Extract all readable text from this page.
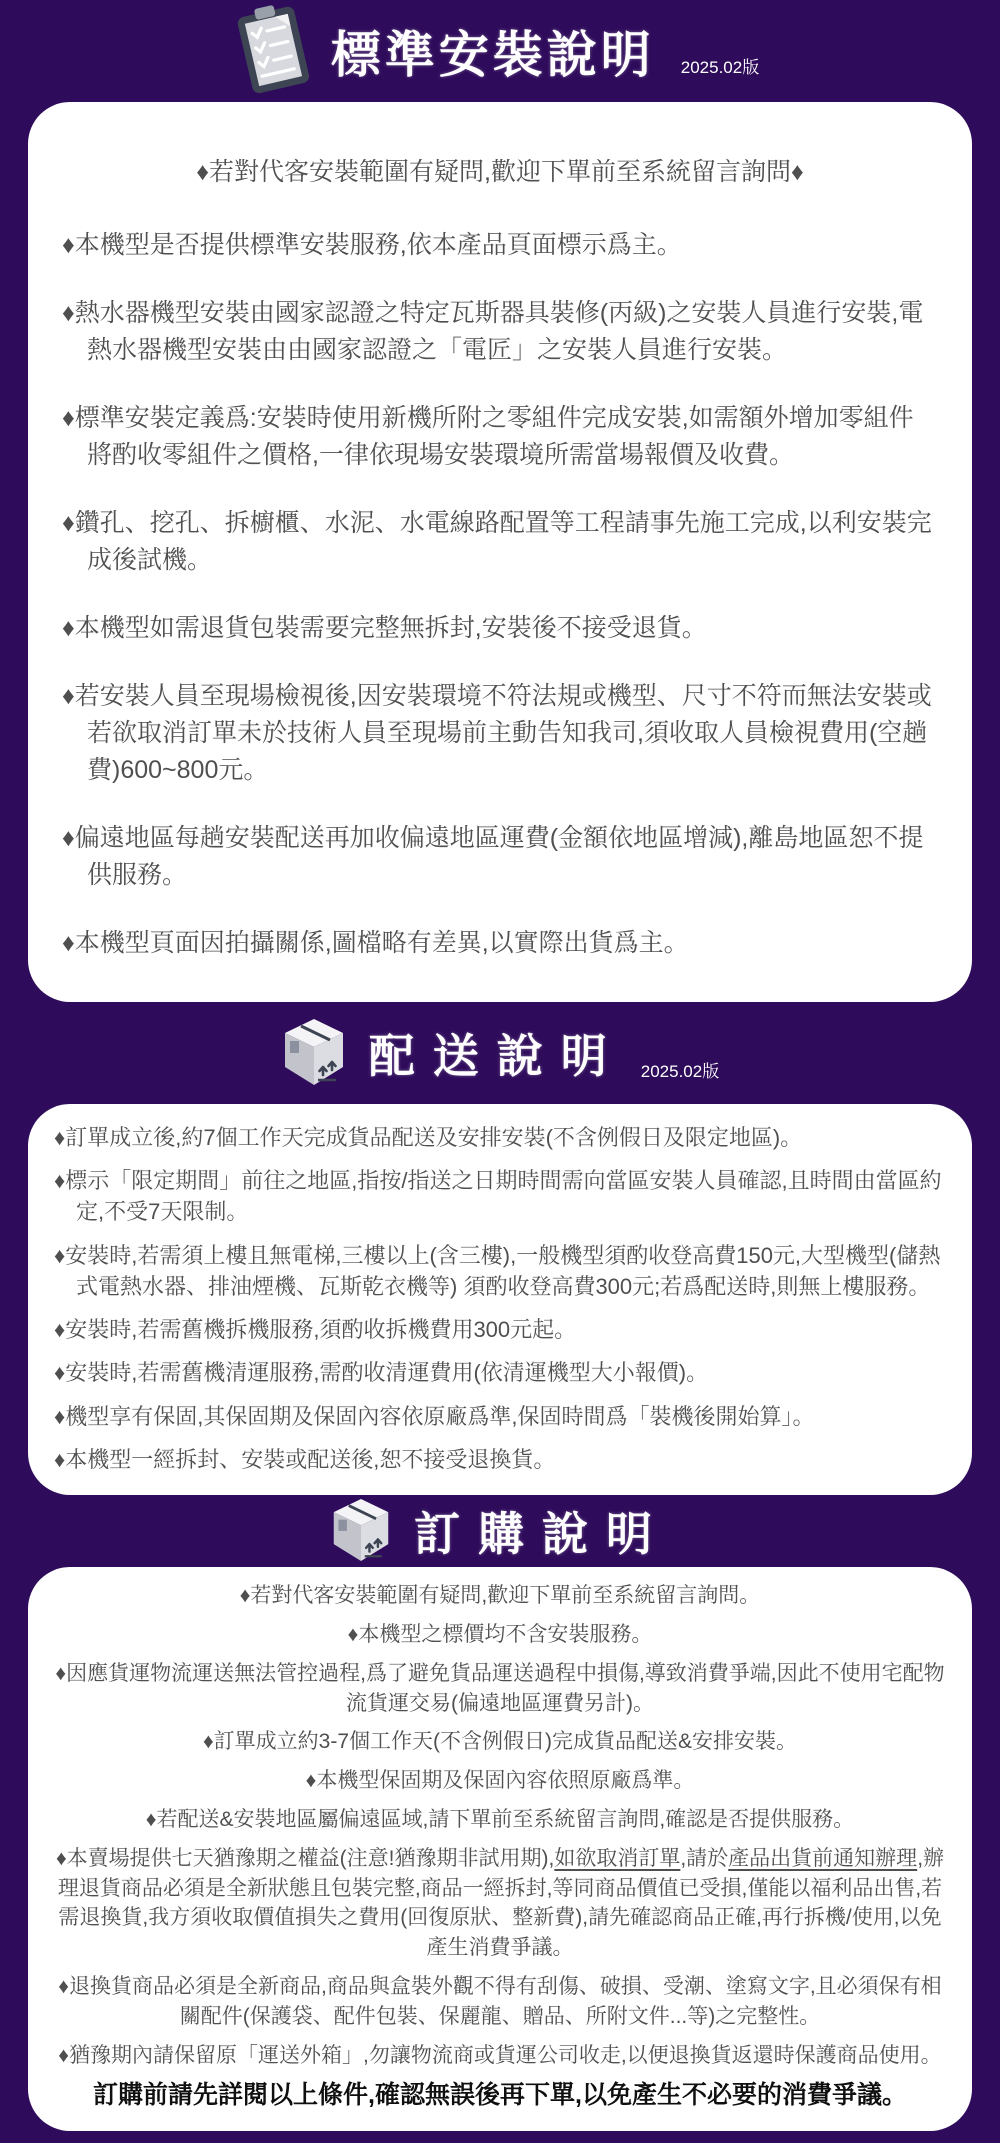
標準安裝說明 2025.02版
♦若對代客安裝範圍有疑問,歡迎下單前至系統留言詢問♦
♦本機型是否提供標準安裝服務,依本產品頁面標示爲主。
♦熱水器機型安裝由國家認證之特定瓦斯器具裝修(丙級)之安裝人員進行安裝,電熱水器機型安裝由由國家認證之「電匠」之安裝人員進行安裝。
♦標準安裝定義爲:安裝時使用新機所附之零組件完成安裝,如需額外增加零組件將酌收零組件之價格,一律依現場安裝環境所需當場報價及收費。
♦鑽孔、挖孔、拆櫥櫃、水泥、水電線路配置等工程請事先施工完成,以利安裝完成後試機。
♦本機型如需退貨包裝需要完整無拆封,安裝後不接受退貨。
♦若安裝人員至現場檢視後,因安裝環境不符法規或機型、尺寸不符而無法安裝或若欲取消訂單未於技術人員至現場前主動告知我司,須收取人員檢視費用(空趟費)600~800元。
♦偏遠地區每趟安裝配送再加收偏遠地區運費(金額依地區增減),離島地區恕不提供服務。
♦本機型頁面因拍攝關係,圖檔略有差異,以實際出貨爲主。
配送說明 2025.02版
♦訂單成立後,約7個工作天完成貨品配送及安排安裝(不含例假日及限定地區)。
♦標示「限定期間」前往之地區,指按/指送之日期時間需向當區安裝人員確認,且時間由當區約定,不受7天限制。
♦安裝時,若需須上樓且無電梯,三樓以上(含三樓),一般機型須酌收登高費150元,大型機型(儲熱式電熱水器、排油煙機、瓦斯乾衣機等) 須酌收登高費300元;若爲配送時,則無上樓服務。
♦安裝時,若需舊機拆機服務,須酌收拆機費用300元起。
♦安裝時,若需舊機清運服務,需酌收清運費用(依清運機型大小報價)。
♦機型享有保固,其保固期及保固內容依原廠爲準,保固時間爲「裝機後開始算」。
♦本機型一經拆封、安裝或配送後,恕不接受退換貨。
訂購說明
♦若對代客安裝範圍有疑問,歡迎下單前至系統留言詢問。
♦本機型之標價均不含安裝服務。
♦因應貨運物流運送無法管控過程,爲了避免貨品運送過程中損傷,導致消費爭端,因此不使用宅配物流貨運交易(偏遠地區運費另計)。
♦訂單成立約3-7個工作天(不含例假日)完成貨品配送&安排安裝。
♦本機型保固期及保固內容依照原廠爲準。
♦若配送&安裝地區屬偏遠區域,請下單前至系統留言詢問,確認是否提供服務。
♦本賣場提供七天猶豫期之權益(注意!猶豫期非試用期),如欲取消訂單,請於產品出貨前通知辦理,辦理退貨商品必須是全新狀態且包裝完整,商品一經拆封,等同商品價值已受損,僅能以福利品出售,若需退換貨,我方須收取價值損失之費用(回復原狀、整新費),請先確認商品正確,再行拆機/使用,以免產生消費爭議。
♦退換貨商品必須是全新商品,商品與盒裝外觀不得有刮傷、破損、受潮、塗寫文字,且必須保有相關配件(保護袋、配件包裝、保麗龍、贈品、所附文件...等)之完整性。
♦猶豫期內請保留原「運送外箱」,勿讓物流商或貨運公司收走,以便退換貨返還時保護商品使用。

訂購前請先詳閱以上條件,確認無誤後再下單,以免產生不必要的消費爭議。
